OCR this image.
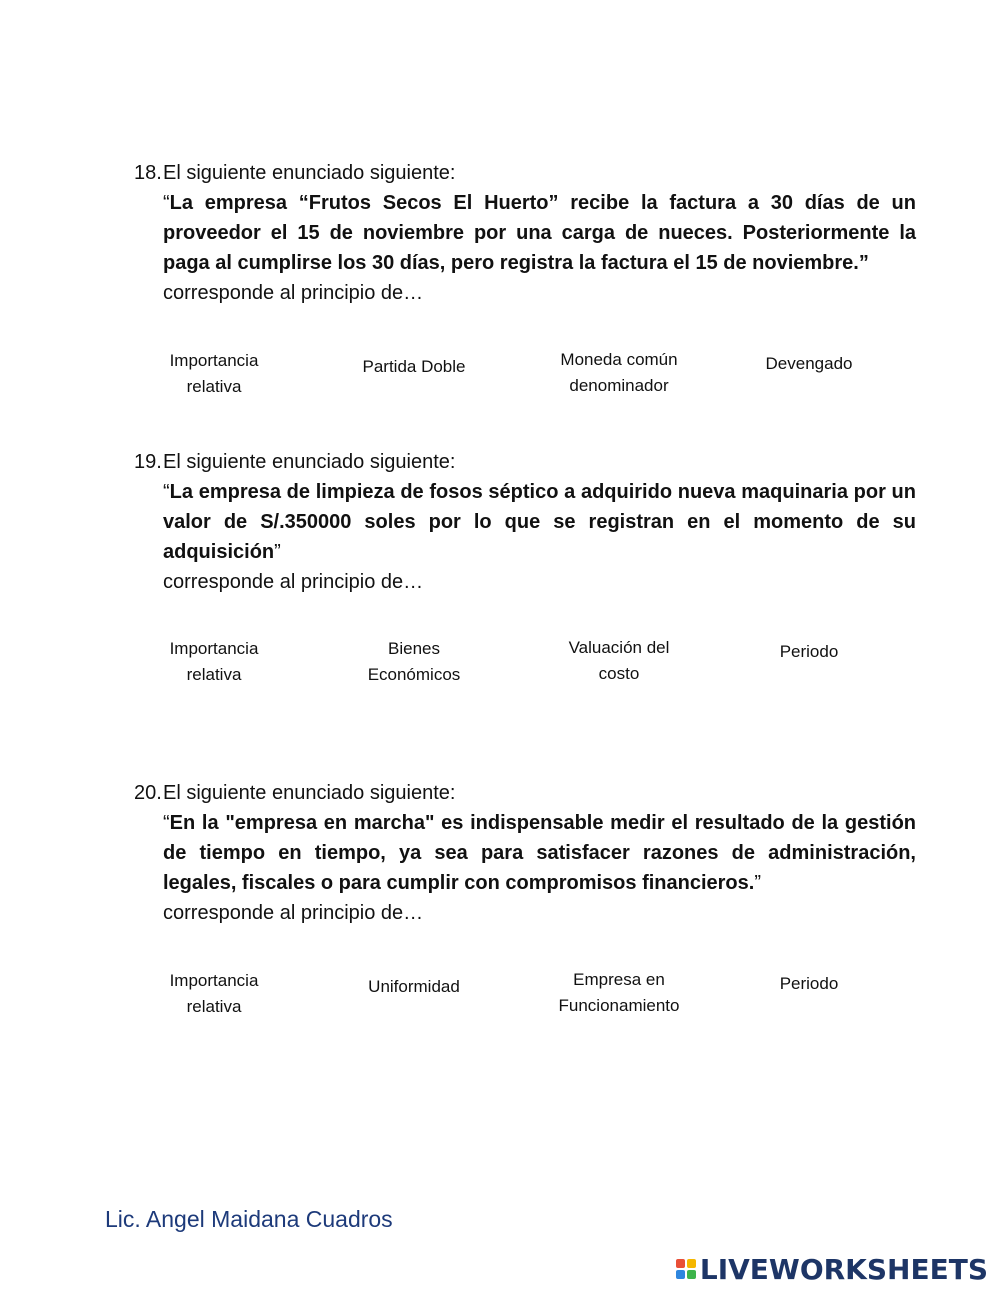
18. El siguiente enunciado siguiente:
“La empresa “Frutos Secos El Huerto” recibe la factura a 30 días de un proveedor el 15 de noviembre por una carga de nueces. Posteriormente la paga al cumplirse los 30 días, pero registra la factura el 15 de noviembre.”
corresponde al principio de…
Importancia
relativa
Partida Doble	Moneda común
denominador
Devengado
19. El siguiente enunciado siguiente:
“La empresa de limpieza de fosos séptico a adquirido nueva maquinaria por un valor de S/.350000 soles por lo que se registran en el momento de su adquisición”
corresponde al principio de…
Importancia
relativa
Bienes
Económicos
Valuación del
costo
Periodo
20. El siguiente enunciado siguiente:
“En la "empresa en marcha" es indispensable medir el resultado de la gestión de tiempo en tiempo, ya sea para satisfacer razones de administración, legales, fiscales o para cumplir con compromisos financieros.”
corresponde al principio de…
Importancia
relativa
Uniformidad	Empresa en
Funcionamiento
Periodo
Lic. Angel Maidana Cuadros
LIVEWORKSHEETS
